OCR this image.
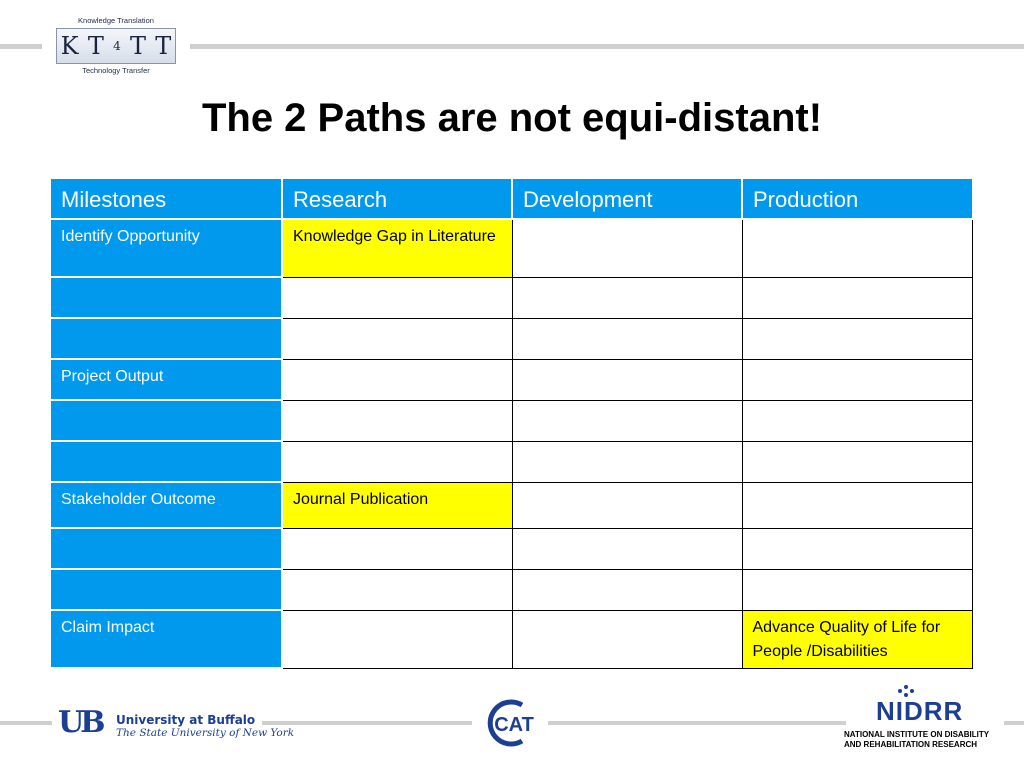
Knowledge Translation
K T 4 T T
Technology Transfer
The 2 Paths are not equi-distant!
Milestones	Research	Development	Production
Identify Opportunity	Knowledge Gap in Literature		

Project Output			

Stakeholder Outcome	Journal Publication		

Claim Impact			Advance Quality of Life for People /Disabilities
UB	University at Buffalo
The State University of New York	CAT	NIDRR
NATIONAL INSTITUTE ON DISABILITY
AND REHABILITATION RESEARCH
